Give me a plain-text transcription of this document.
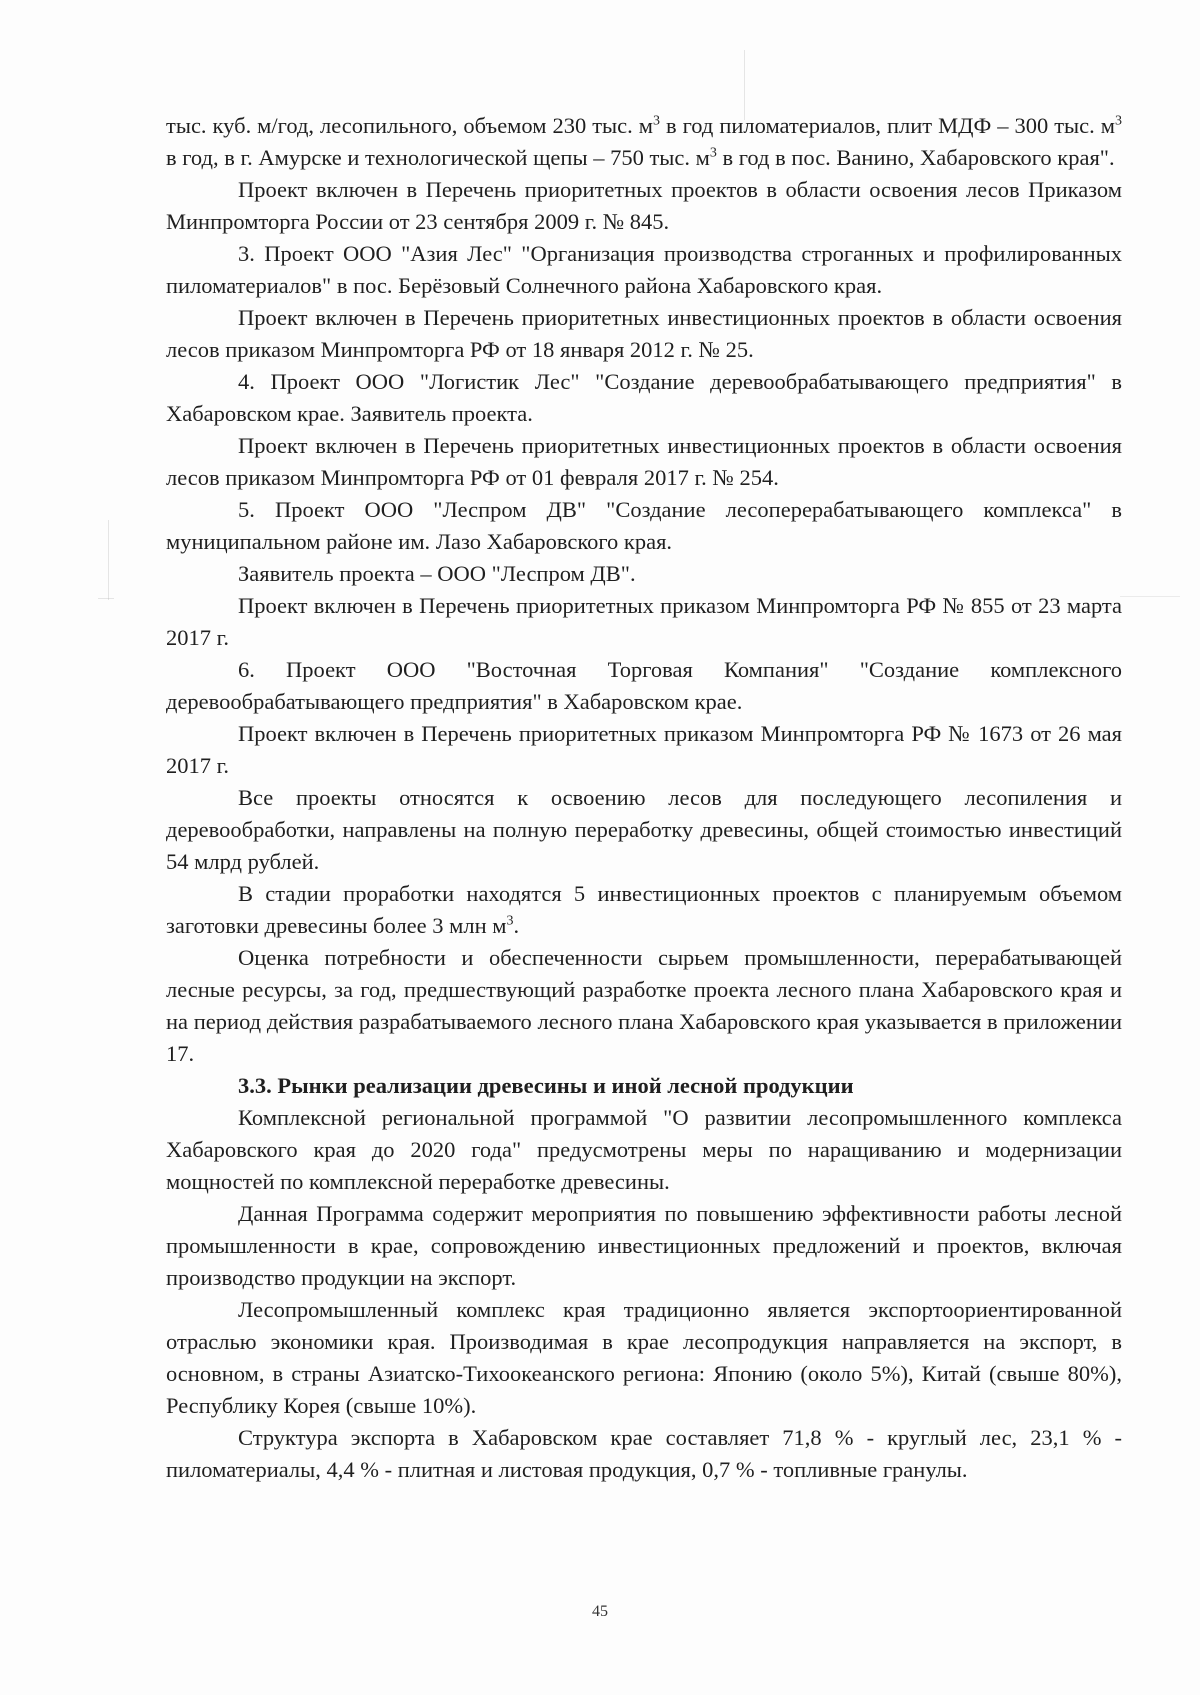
тыс. куб. м/год, лесопильного, объемом 230 тыс. $м^3$ в год пиломатериалов, плит МДФ – 300 тыс. $м^3$ в год, в г. Амурске и технологической щепы – 750 тыс. $м^3$ в год в пос. Ванино, Хабаровского края".

Проект включен в Перечень приоритетных проектов в области освоения лесов Приказом Минпромторга России от 23 сентября 2009 г. № 845.

3. Проект ООО "Азия Лес" "Организация производства строганных и профилированных пиломатериалов" в пос. Берёзовый Солнечного района Хабаровского края.

Проект включен в Перечень приоритетных инвестиционных проектов в области освоения лесов приказом Минпромторга РФ от 18 января 2012 г. № 25.

4. Проект ООО "Логистик Лес" "Создание деревообрабатывающего предприятия" в Хабаровском крае. Заявитель проекта.

Проект включен в Перечень приоритетных инвестиционных проектов в области освоения лесов приказом Минпромторга РФ от 01 февраля 2017 г. № 254.

5. Проект ООО "Леспром ДВ" "Создание лесоперерабатывающего комплекса" в муниципальном районе им. Лазо Хабаровского края.

Заявитель проекта – ООО "Леспром ДВ".

Проект включен в Перечень приоритетных приказом Минпромторга РФ № 855 от 23 марта 2017 г.

6. Проект ООО "Восточная Торговая Компания" "Создание комплексного деревообрабатывающего предприятия" в Хабаровском крае.

Проект включен в Перечень приоритетных приказом Минпромторга РФ № 1673 от 26 мая 2017 г.

Все проекты относятся к освоению лесов для последующего лесопиления и деревообработки, направлены на полную переработку древесины, общей стоимостью инвестиций 54 млрд рублей.

В стадии проработки находятся 5 инвестиционных проектов с планируемым объемом заготовки древесины более 3 млн $м^3$.

Оценка потребности и обеспеченности сырьем промышленности, перерабатывающей лесные ресурсы, за год, предшествующий разработке проекта лесного плана Хабаровского края и на период действия разрабатываемого лесного плана Хабаровского края указывается в приложении 17.

3.3. Рынки реализации древесины и иной лесной продукции

Комплексной региональной программой "О развитии лесопромышленного комплекса Хабаровского края до 2020 года" предусмотрены меры по наращиванию и модернизации мощностей по комплексной переработке древесины.

Данная Программа содержит мероприятия по повышению эффективности работы лесной промышленности в крае, сопровождению инвестиционных предложений и проектов, включая производство продукции на экспорт.

Лесопромышленный комплекс края традиционно является экспортоориентированной отраслью экономики края. Производимая в крае лесопродукция направляется на экспорт, в основном, в страны Азиатско-Тихоокеанского региона: Японию (около 5%), Китай (свыше 80%), Республику Корея (свыше 10%).

Структура экспорта в Хабаровском крае составляет 71,8 % - круглый лес, 23,1 % - пиломатериалы, 4,4 % - плитная и листовая продукция, 0,7 % - топливные гранулы.

45
